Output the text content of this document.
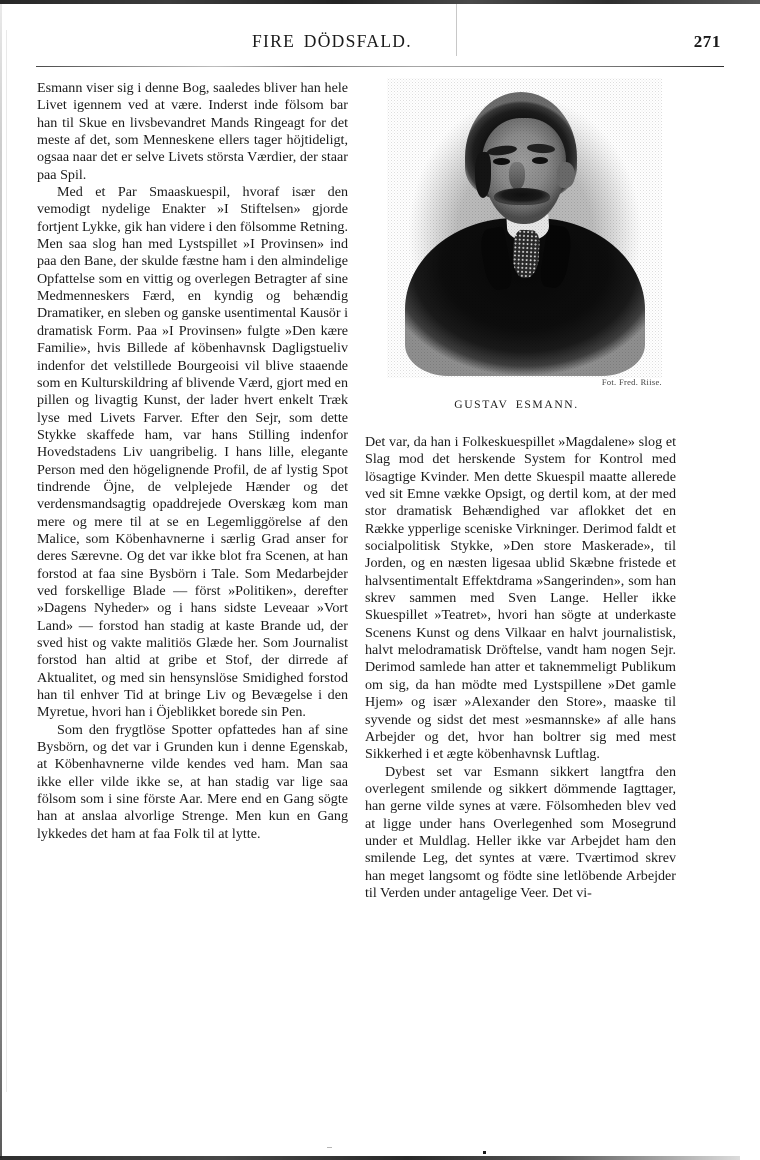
FIRE DÖDSFALD.	271

Esmann viser sig i denne Bog, saaledes bliver han hele Livet igennem ved at være. Inderst inde fölsom bar han til Skue en livsbevandret Mands Ringeagt for det meste af det, som Menneskene ellers tager höjtideligt, ogsaa naar det er selve Livets största Værdier, der staar paa Spil.

Med et Par Smaaskuespil, hvoraf især den vemodigt nydelige Enakter »I Stiftelsen» gjorde fortjent Lykke, gik han videre i den fölsomme Retning. Men saa slog han med Lystspillet »I Provinsen» ind paa den Bane, der skulde fæstne ham i den almindelige Opfattelse som en vittig og overlegen Betragter af sine Medmenneskers Færd, en kyndig og behændig Dramatiker, en sleben og ganske usentimental Kausör i dramatisk Form. Paa »I Provinsen» fulgte »Den kære Familie», hvis Billede af köbenhavnsk Dagligstueliv indenfor det velstillede Bourgeoisi vil blive staaende som en Kulturskildring af blivende Værd, gjort med en pillen og livagtig Kunst, der lader hvert enkelt Træk lyse med Livets Farver. Efter den Sejr, som dette Stykke skaffede ham, var hans Stilling indenfor Hovedstadens Liv uangribelig. I hans lille, elegante Person med den högelignende Profil, de af lystig Spot tindrende Öjne, de velplejede Hænder og det verdensmandsagtig opaddrejede Overskæg kom man mere og mere til at se en Legemliggörelse af den Malice, som Köbenhavnerne i særlig Grad anser for deres Særevne. Og det var ikke blot fra Scenen, at han forstod at faa sine Bysbörn i Tale. Som Medarbejder ved forskellige Blade — först »Politiken», derefter »Dagens Nyheder» og i hans sidste Leveaar »Vort Land» — forstod han stadig at kaste Brande ud, der sved hist og vakte malitiös Glæde her. Som Journalist forstod han altid at gribe et Stof, der dirrede af Aktualitet, og med sin hensynslöse Smidighed forstod han til enhver Tid at bringe Liv og Bevægelse i den Myretue, hvori han i Öjeblikket borede sin Pen.

Som den frygtlöse Spotter opfattedes han af sine Bysbörn, og det var i Grunden kun i denne Egenskab, at Köbenhavnerne vilde kendes ved ham. Man saa ikke eller vilde ikke se, at han stadig var lige saa fölsom som i sine förste Aar. Mere end en Gang sögte han at anslaa alvorlige Strenge. Men kun en Gang lykkedes det ham at faa Folk til at lytte.

Fot. Fred. Riise.
GUSTAV ESMANN.

Det var, da han i Folkeskuespillet »Magdalene» slog et Slag mod det herskende System for Kontrol med lösagtige Kvinder. Men dette Skuespil maatte allerede ved sit Emne vække Opsigt, og dertil kom, at der med stor dramatisk Behændighed var aflokket det en Række ypperlige sceniske Virkninger. Derimod faldt et socialpolitisk Stykke, »Den store Maskerade», til Jorden, og en næsten ligesaa ublid Skæbne fristede et halvsentimentalt Effektdrama »Sangerinden», som han skrev sammen med Sven Lange. Heller ikke Skuespillet »Teatret», hvori han sögte at underkaste Scenens Kunst og dens Vilkaar en halvt journalistisk, halvt melodramatisk Dröftelse, vandt ham nogen Sejr. Derimod samlede han atter et taknemmeligt Publikum om sig, da han mödte med Lystspillene »Det gamle Hjem» og især »Alexander den Store», maaske til syvende og sidst det mest »esmannske» af alle hans Arbejder og det, hvor han boltrer sig med mest Sikkerhed i et ægte köbenhavnsk Luftlag.

Dybest set var Esmann sikkert langtfra den overlegent smilende og sikkert dömmende Iagttager, han gerne vilde synes at være. Fölsomheden blev ved at ligge under hans Overlegenhed som Mosegrund under et Muldlag. Heller ikke var Arbejdet ham den smilende Leg, det syntes at være. Tværtimod skrev han meget langsomt og födte sine letlöbende Arbejder til Verden under antagelige Veer. Det vi-
